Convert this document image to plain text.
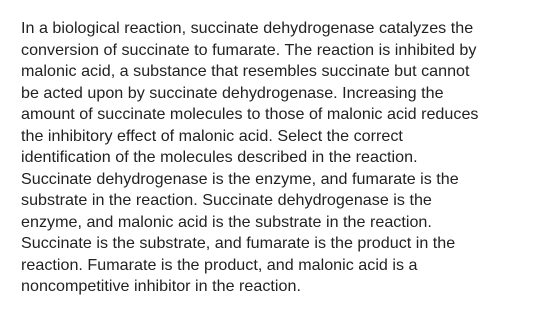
In a biological reaction, succinate dehydrogenase catalyzes the
conversion of succinate to fumarate. The reaction is inhibited by
malonic acid, a substance that resembles succinate but cannot
be acted upon by succinate dehydrogenase. Increasing the
amount of succinate molecules to those of malonic acid reduces
the inhibitory effect of malonic acid. Select the correct
identification of the molecules described in the reaction.
Succinate dehydrogenase is the enzyme, and fumarate is the
substrate in the reaction. Succinate dehydrogenase is the
enzyme, and malonic acid is the substrate in the reaction.
Succinate is the substrate, and fumarate is the product in the
reaction. Fumarate is the product, and malonic acid is a
noncompetitive inhibitor in the reaction.
